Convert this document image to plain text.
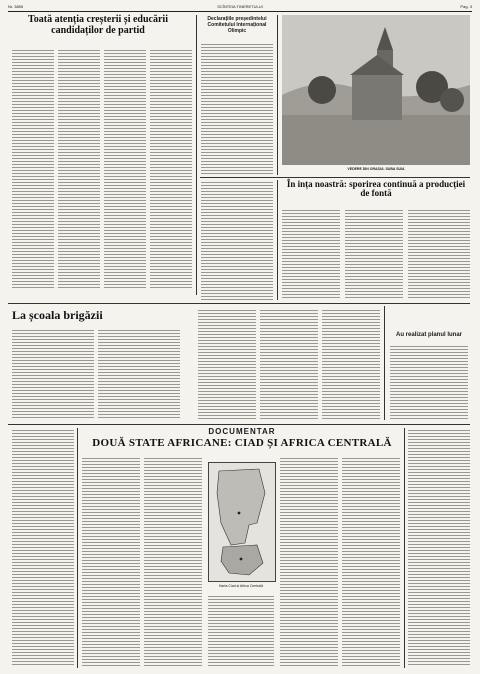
Nr. 3855	SCÎNTEIA TINERETULUI	Pag. 3
Toată atenția creșterii și educării candidaților de partid
Declarațiile președintelui Comitetului Internațional Olimpic
VEDERE DIN ORAȘUL SUBA SUIA
În ința noastră: sporirea continuă a producției de fontă
La școala brigăzii
Au realizat planul lunar
DOCUMENTAR
DOUĂ STATE AFRICANE: CIAD ȘI AFRICA CENTRALĂ
Harta Ciad și Africa Centrală
